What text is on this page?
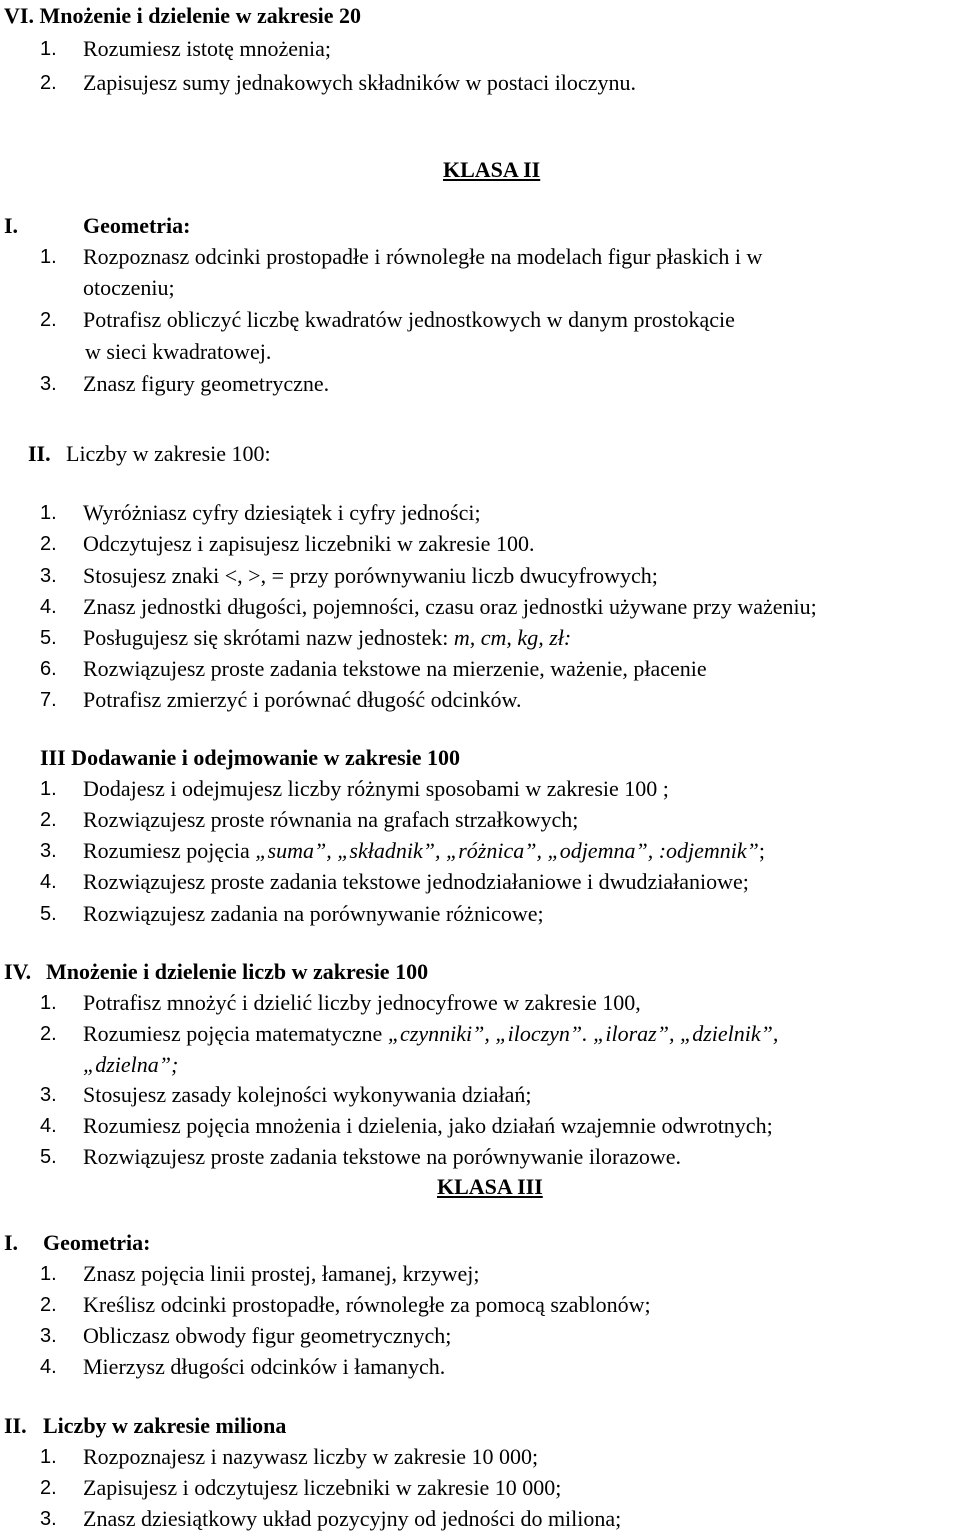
VI. Mnożenie i dzielenie w zakresie 20
1. Rozumiesz istotę mnożenia;
2. Zapisujesz sumy jednakowych składników w postaci iloczynu.
KLASA II
I.	Geometria:
1. Rozpoznasz odcinki prostopadłe i równoległe na modelach figur płaskich i w
otoczeniu;
2. Potrafisz obliczyć liczbę kwadratów jednostkowych w danym prostokącie
w sieci kwadratowej.
3. Znasz figury geometryczne.
II. Liczby w zakresie 100:
1. Wyróżniasz cyfry dziesiątek i cyfry jedności;
2. Odczytujesz i zapisujesz liczebniki w zakresie 100.
3. Stosujesz znaki <, >, = przy porównywaniu liczb dwucyfrowych;
4. Znasz jednostki długości, pojemności, czasu oraz jednostki używane przy ważeniu;
5. Posługujesz się skrótami nazw jednostek: m, cm, kg, zł:
6. Rozwiązujesz proste zadania tekstowe na mierzenie, ważenie, płacenie
7. Potrafisz zmierzyć i porównać długość odcinków.
III Dodawanie i odejmowanie w zakresie 100
1. Dodajesz i odejmujesz liczby różnymi sposobami w zakresie 100 ;
2. Rozwiązujesz proste równania na grafach strzałkowych;
3. Rozumiesz pojęcia „suma”, „składnik”, „różnica”, „odjemna”, :odjemnik”;
4. Rozwiązujesz proste zadania tekstowe jednodziałaniowe i dwudziałaniowe;
5. Rozwiązujesz zadania na porównywanie różnicowe;
IV. Mnożenie i dzielenie liczb w zakresie 100
1. Potrafisz mnożyć i dzielić liczby jednocyfrowe w zakresie 100,
2. Rozumiesz pojęcia matematyczne „czynniki”, „iloczyn”. „iloraz”, „dzielnik”,
„dzielna”;
3. Stosujesz zasady kolejności wykonywania działań;
4. Rozumiesz pojęcia mnożenia i dzielenia, jako działań wzajemnie odwrotnych;
5. Rozwiązujesz proste zadania tekstowe na porównywanie ilorazowe.
KLASA III
I. Geometria:
1. Znasz pojęcia linii prostej, łamanej, krzywej;
2. Kreślisz odcinki prostopadłe, równoległe za pomocą szablonów;
3. Obliczasz obwody figur geometrycznych;
4. Mierzysz długości odcinków i łamanych.
II. Liczby w zakresie miliona
1. Rozpoznajesz i nazywasz liczby w zakresie 10 000;
2. Zapisujesz i odczytujesz liczebniki w zakresie 10 000;
3. Znasz dziesiątkowy układ pozycyjny od jedności do miliona;
